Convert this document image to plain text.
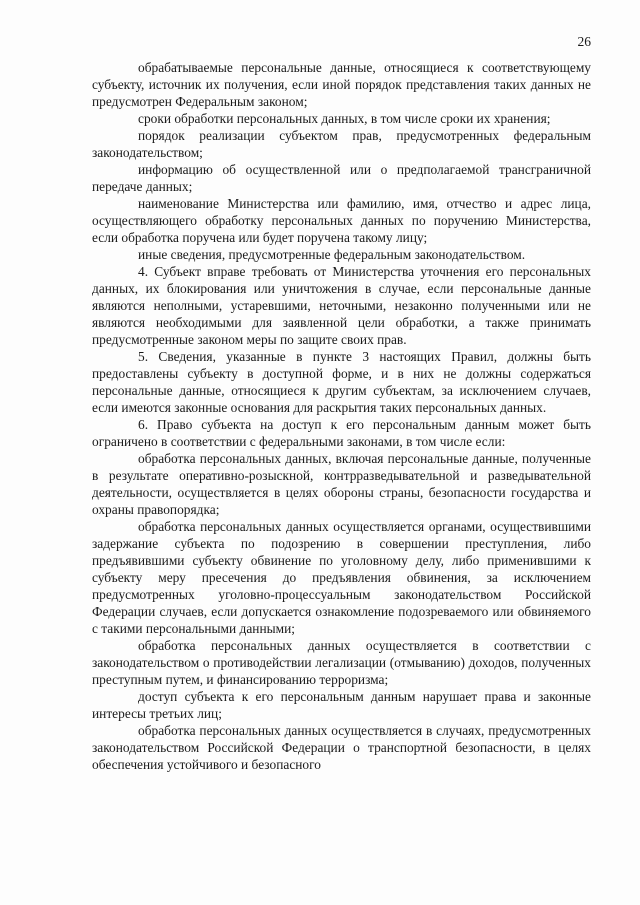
26

обрабатываемые персональные данные, относящиеся к соответствующему субъекту, источник их получения, если иной порядок представления таких данных не предусмотрен Федеральным законом;

сроки обработки персональных данных, в том числе сроки их хранения;

порядок реализации субъектом прав, предусмотренных федеральным законодательством;

информацию об осуществленной или о предполагаемой трансграничной передаче данных;

наименование Министерства или фамилию, имя, отчество и адрес лица, осуществляющего обработку персональных данных по поручению Министерства, если обработка поручена или будет поручена такому лицу;

иные сведения, предусмотренные федеральным законодательством.

4. Субъект вправе требовать от Министерства уточнения его персональных данных, их блокирования или уничтожения в случае, если персональные данные являются неполными, устаревшими, неточными, незаконно полученными или не являются необходимыми для заявленной цели обработки, а также принимать предусмотренные законом меры по защите своих прав.

5. Сведения, указанные в пункте 3 настоящих Правил, должны быть предоставлены субъекту в доступной форме, и в них не должны содержаться персональные данные, относящиеся к другим субъектам, за исключением случаев, если имеются законные основания для раскрытия таких персональных данных.

6. Право субъекта на доступ к его персональным данным может быть ограничено в соответствии с федеральными законами, в том числе если:

обработка персональных данных, включая персональные данные, полученные в результате оперативно-розыскной, контрразведывательной и разведывательной деятельности, осуществляется в целях обороны страны, безопасности государства и охраны правопорядка;

обработка персональных данных осуществляется органами, осуществившими задержание субъекта по подозрению в совершении преступления, либо предъявившими субъекту обвинение по уголовному делу, либо применившими к субъекту меру пресечения до предъявления обвинения, за исключением предусмотренных уголовно-процессуальным законодательством Российской Федерации случаев, если допускается ознакомление подозреваемого или обвиняемого с такими персональными данными;

обработка персональных данных осуществляется в соответствии с законодательством о противодействии легализации (отмыванию) доходов, полученных преступным путем, и финансированию терроризма;

доступ субъекта к его персональным данным нарушает права и законные интересы третьих лиц;

обработка персональных данных осуществляется в случаях, предусмотренных законодательством Российской Федерации о транспортной безопасности, в целях обеспечения устойчивого и безопасного
